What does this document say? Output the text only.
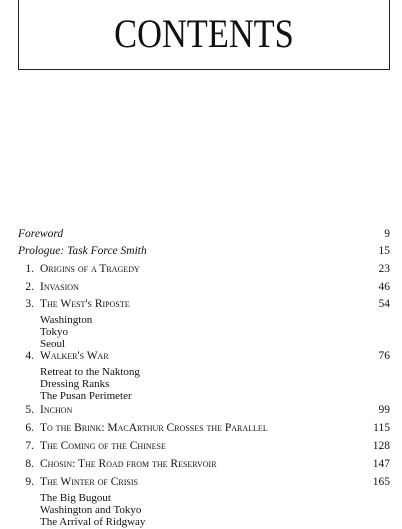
CONTENTS
Foreword	9
Prologue: Task Force Smith	15
1. Origins of a Tragedy	23
2. Invasion	46
3. The West's Riposte	54
Washington
Tokyo
Seoul
4. Walker's War	76
Retreat to the Naktong
Dressing Ranks
The Pusan Perimeter
5. Inchon	99
6. To the Brink: MacArthur Crosses the Parallel	115
7. The Coming of the Chinese	128
8. Chosin: The Road from the Reservoir	147
9. The Winter of Crisis	165
The Big Bugout
Washington and Tokyo
The Arrival of Ridgway
